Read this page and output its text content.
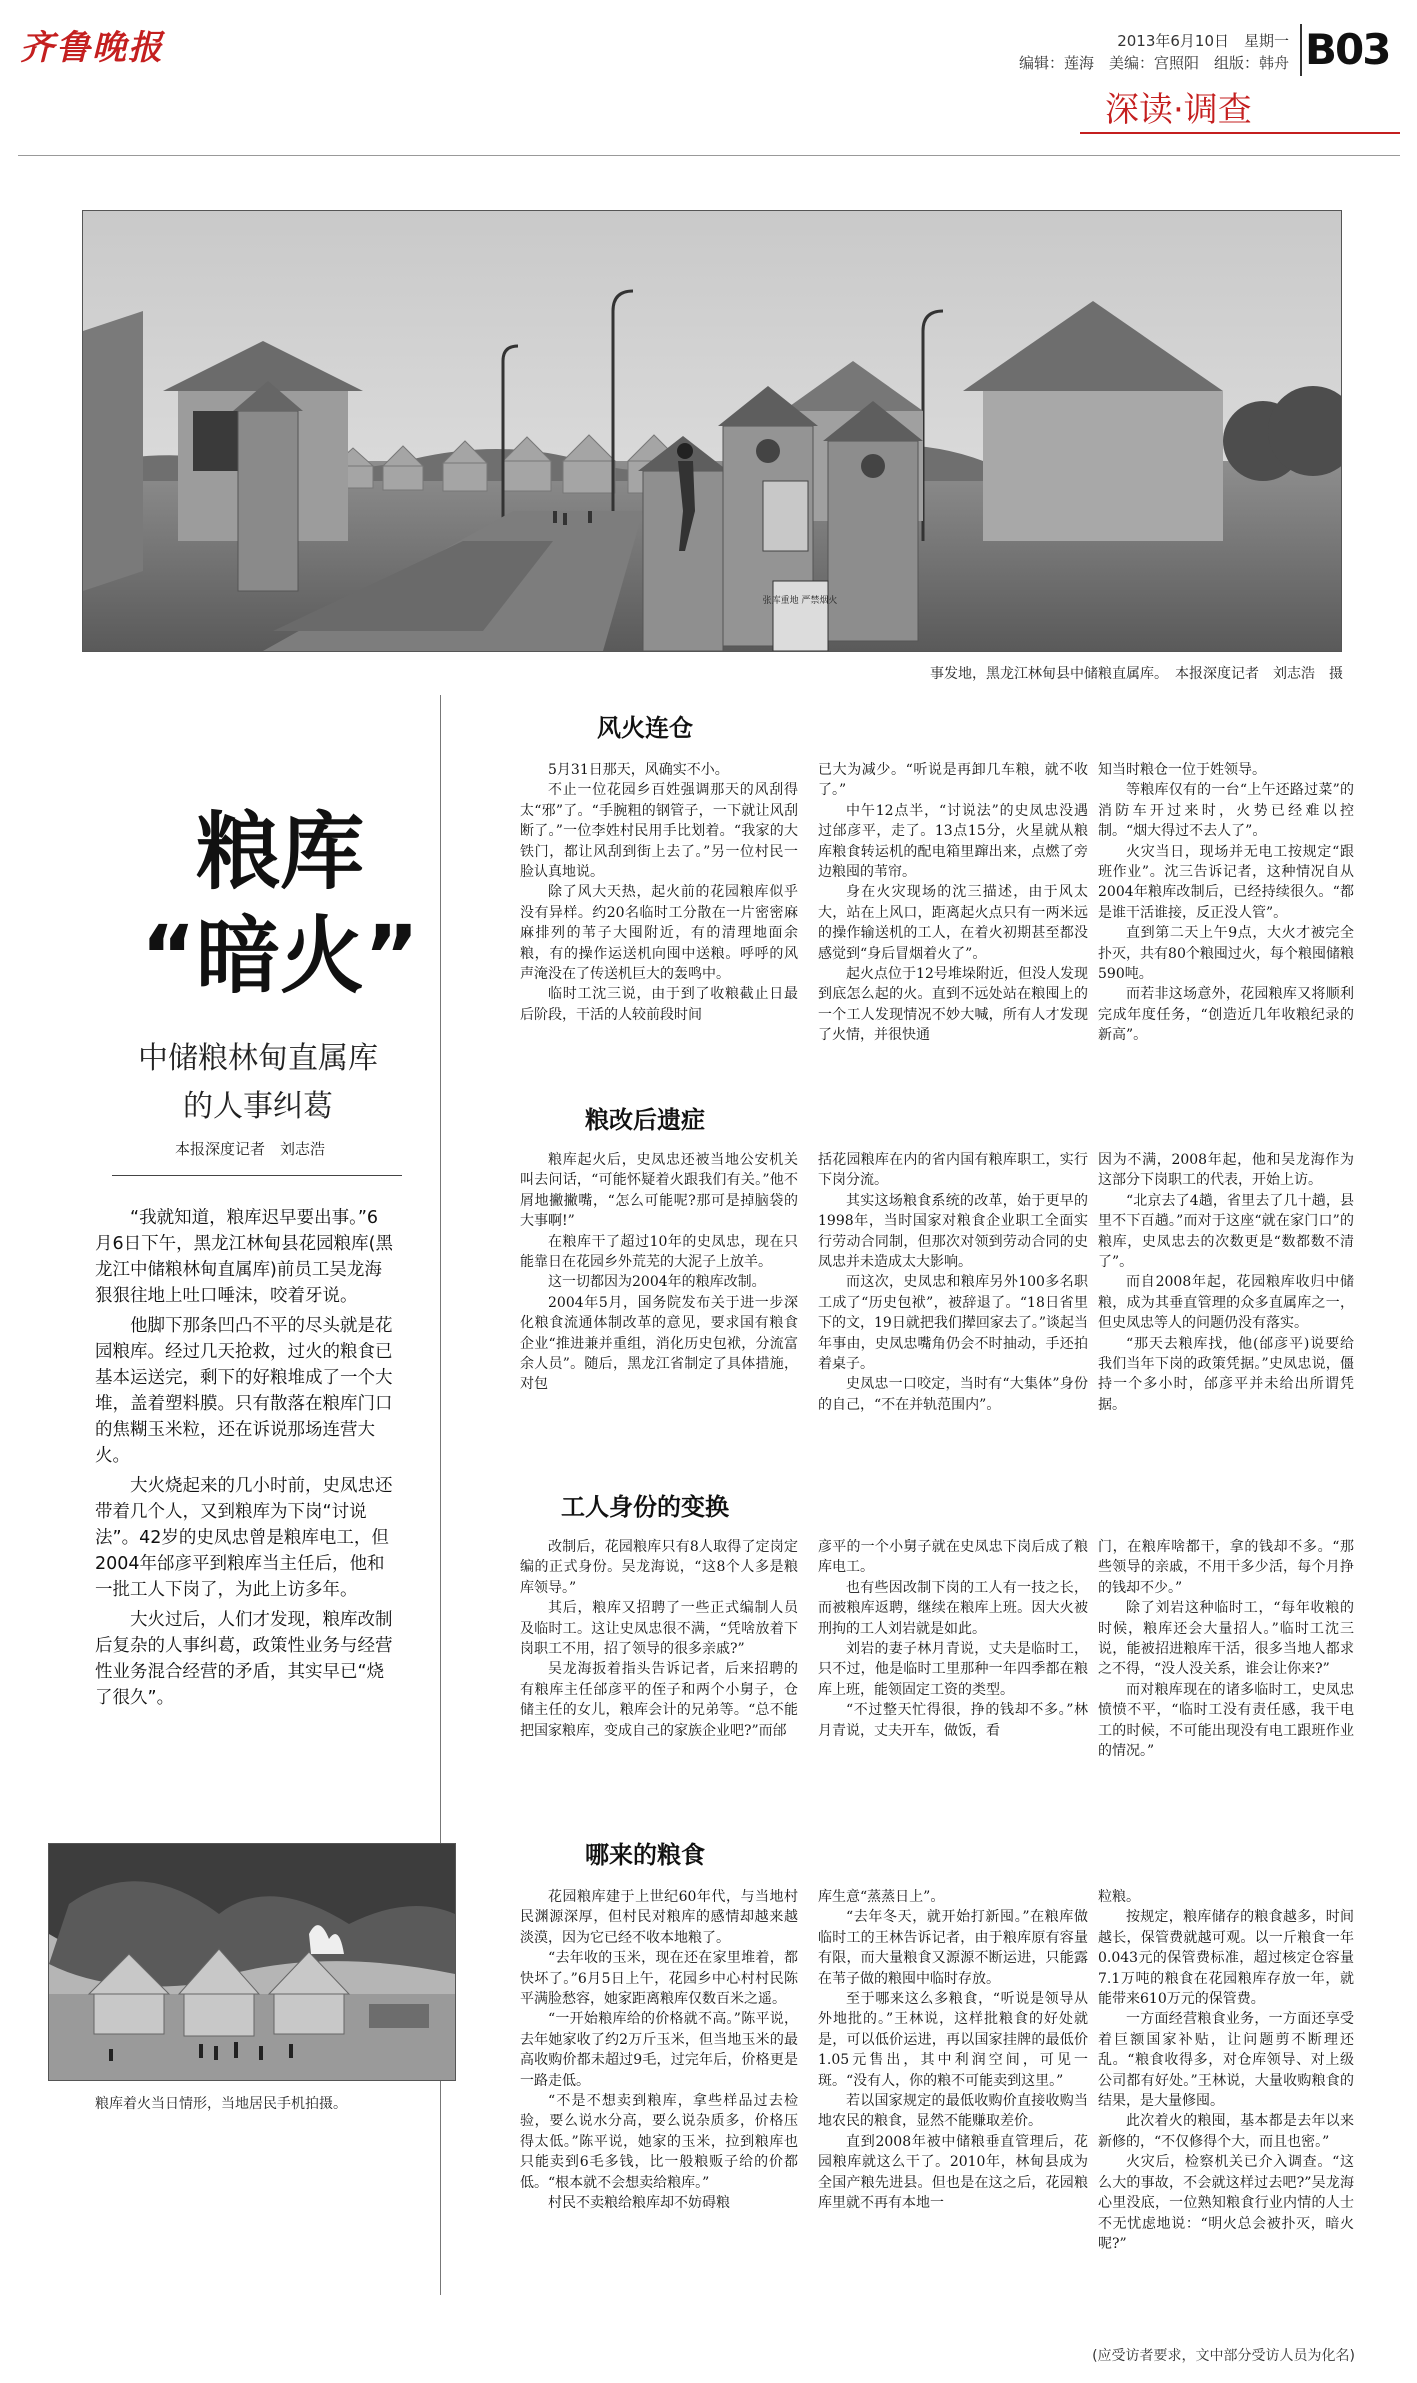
齐鲁晚报	2013年6月10日　星期一
编辑：莲海　美编：宫照阳　组版：韩舟 B03
深读·调查
张库重地 严禁烟火
事发地，黑龙江林甸县中储粮直属库。　本报深度记者　刘志浩　摄
粮库
“暗火”
中储粮林甸直属库
的人事纠葛
本报深度记者　刘志浩

“我就知道，粮库迟早要出事。”6月6日下午，黑龙江林甸县花园粮库(黑龙江中储粮林甸直属库)前员工吴龙海狠狠往地上吐口唾沫，咬着牙说。

他脚下那条凹凸不平的尽头就是花园粮库。经过几天抢救，过火的粮食已基本运送完，剩下的好粮堆成了一个大堆，盖着塑料膜。只有散落在粮库门口的焦糊玉米粒，还在诉说那场连营大火。

大火烧起来的几小时前，史凤忠还带着几个人，又到粮库为下岗“讨说法”。42岁的史凤忠曾是粮库电工，但2004年邰彦平到粮库当主任后，他和一批工人下岗了，为此上访多年。

大火过后，人们才发现，粮库改制后复杂的人事纠葛，政策性业务与经营性业务混合经营的矛盾，其实早已“烧了很久”。

粮库着火当日情形，当地居民手机拍摄。
风火连仓

5月31日那天，风确实不小。

不止一位花园乡百姓强调那天的风刮得太“邪”了。“手腕粗的钢管子，一下就让风刮断了。”一位李姓村民用手比划着。“我家的大铁门，都让风刮到街上去了。”另一位村民一脸认真地说。

除了风大天热，起火前的花园粮库似乎没有异样。约20名临时工分散在一片密密麻麻排列的苇子大囤附近，有的清理地面余粮，有的操作运送机向囤中送粮。呼呼的风声淹没在了传送机巨大的轰鸣中。

临时工沈三说，由于到了收粮截止日最后阶段，干活的人较前段时间

已大为减少。“听说是再卸几车粮，就不收了。”

中午12点半，“讨说法”的史凤忠没遇过邰彦平，走了。13点15分，火星就从粮库粮食转运机的配电箱里蹿出来，点燃了旁边粮囤的苇帘。

身在火灾现场的沈三描述，由于风太大，站在上风口，距离起火点只有一两米远的操作输送机的工人，在着火初期甚至都没感觉到“身后冒烟着火了”。

起火点位于12号堆垛附近，但没人发现到底怎么起的火。直到不远处站在粮囤上的一个工人发现情况不妙大喊，所有人才发现了火情，并很快通

知当时粮仓一位于姓领导。

等粮库仅有的一台“上午还路过菜”的消防车开过来时，火势已经难以控制。“烟大得过不去人了”。

火灾当日，现场并无电工按规定“跟班作业”。沈三告诉记者，这种情况自从2004年粮库改制后，已经持续很久。“都是谁干活谁接，反正没人管”。

直到第二天上午9点，大火才被完全扑灭，共有80个粮囤过火，每个粮囤储粮590吨。

而若非这场意外，花园粮库又将顺利完成年度任务，“创造近几年收粮纪录的新高”。

粮改后遗症

粮库起火后，史凤忠还被当地公安机关叫去问话，“可能怀疑着火跟我们有关。”他不屑地撇撇嘴，“怎么可能呢?那可是掉脑袋的大事啊!”

在粮库干了超过10年的史凤忠，现在只能靠日在花园乡外荒芜的大泥子上放羊。

这一切都因为2004年的粮库改制。

2004年5月，国务院发布关于进一步深化粮食流通体制改革的意见，要求国有粮食企业“推进兼并重组，消化历史包袱，分流富余人员”。随后，黑龙江省制定了具体措施，对包

括花园粮库在内的省内国有粮库职工，实行下岗分流。

其实这场粮食系统的改革，始于更早的1998年，当时国家对粮食企业职工全面实行劳动合同制，但那次对领到劳动合同的史凤忠并未造成太大影响。

而这次，史凤忠和粮库另外100多名职工成了“历史包袱”，被辞退了。“18日省里下的文，19日就把我们撵回家去了。”谈起当年事由，史凤忠嘴角仍会不时抽动，手还拍着桌子。

史凤忠一口咬定，当时有“大集体”身份的自己，“不在并轨范围内”。

因为不满，2008年起，他和吴龙海作为这部分下岗职工的代表，开始上访。

“北京去了4趟，省里去了几十趟，县里不下百趟。”而对于这座“就在家门口”的粮库，史凤忠去的次数更是“数都数不清了”。

而自2008年起，花园粮库收归中储粮，成为其垂直管理的众多直属库之一，但史凤忠等人的问题仍没有落实。

“那天去粮库找，他(邰彦平)说要给我们当年下岗的政策凭据。”史凤忠说，僵持一个多小时，邰彦平并未给出所谓凭据。

工人身份的变换

改制后，花园粮库只有8人取得了定岗定编的正式身份。吴龙海说，“这8个人多是粮库领导。”

其后，粮库又招聘了一些正式编制人员及临时工。这让史凤忠很不满，“凭啥放着下岗职工不用，招了领导的很多亲戚?”

吴龙海扳着指头告诉记者，后来招聘的有粮库主任邰彦平的侄子和两个小舅子，仓储主任的女儿，粮库会计的兄弟等。“总不能把国家粮库，变成自己的家族企业吧?”而邰

彦平的一个小舅子就在史凤忠下岗后成了粮库电工。

也有些因改制下岗的工人有一技之长，而被粮库返聘，继续在粮库上班。因大火被刑拘的工人刘岩就是如此。

刘岩的妻子林月青说，丈夫是临时工，只不过，他是临时工里那种一年四季都在粮库上班，能领固定工资的类型。

“不过整天忙得很，挣的钱却不多。”林月青说，丈夫开车，做饭，看

门，在粮库啥都干，拿的钱却不多。“那些领导的亲戚，不用干多少活，每个月挣的钱却不少。”

除了刘岩这种临时工，“每年收粮的时候，粮库还会大量招人。”临时工沈三说，能被招进粮库干活，很多当地人都求之不得，“没人没关系，谁会让你来?”

而对粮库现在的诸多临时工，史凤忠愤愤不平，“临时工没有责任感，我干电工的时候，不可能出现没有电工跟班作业的情况。”

哪来的粮食

花园粮库建于上世纪60年代，与当地村民渊源深厚，但村民对粮库的感情却越来越淡漠，因为它已经不收本地粮了。

“去年收的玉米，现在还在家里堆着，都快坏了。”6月5日上午，花园乡中心村村民陈平满脸愁容，她家距离粮库仅数百米之遥。

“一开始粮库给的价格就不高。”陈平说，去年她家收了约2万斤玉米，但当地玉米的最高收购价都未超过9毛，过完年后，价格更是一路走低。

“不是不想卖到粮库，拿些样品过去检验，要么说水分高，要么说杂质多，价格压得太低。”陈平说，她家的玉米，拉到粮库也只能卖到6毛多钱，比一般粮贩子给的价都低。“根本就不会想卖给粮库。”

村民不卖粮给粮库却不妨碍粮

库生意“蒸蒸日上”。

“去年冬天，就开始打新囤。”在粮库做临时工的王林告诉记者，由于粮库原有容量有限，而大量粮食又源源不断运进，只能露在苇子做的粮囤中临时存放。

至于哪来这么多粮食，“听说是领导从外地批的。”王林说，这样批粮食的好处就是，可以低价运进，再以国家挂牌的最低价1.05元售出，其中利润空间，可见一斑。“没有人，你的粮不可能卖到这里。”

若以国家规定的最低收购价直接收购当地农民的粮食，显然不能赚取差价。

直到2008年被中储粮垂直管理后，花园粮库就这么干了。2010年，林甸县成为全国产粮先进县。但也是在这之后，花园粮库里就不再有本地一

粒粮。

按规定，粮库储存的粮食越多，时间越长，保管费就越可观。以一斤粮食一年0.043元的保管费标准，超过核定仓容量7.1万吨的粮食在花园粮库存放一年，就能带来610万元的保管费。

一方面经营粮食业务，一方面还享受着巨额国家补贴，让问题剪不断理还乱。“粮食收得多，对仓库领导、对上级公司都有好处。”王林说，大量收购粮食的结果，是大量修囤。

此次着火的粮囤，基本都是去年以来新修的，“不仅修得个大，而且也密。”

火灾后，检察机关已介入调查。“这么大的事故，不会就这样过去吧?”吴龙海心里没底，一位熟知粮食行业内情的人士不无忧虑地说：“明火总会被扑灭，暗火呢?”

(应受访者要求，文中部分受访人员为化名)
